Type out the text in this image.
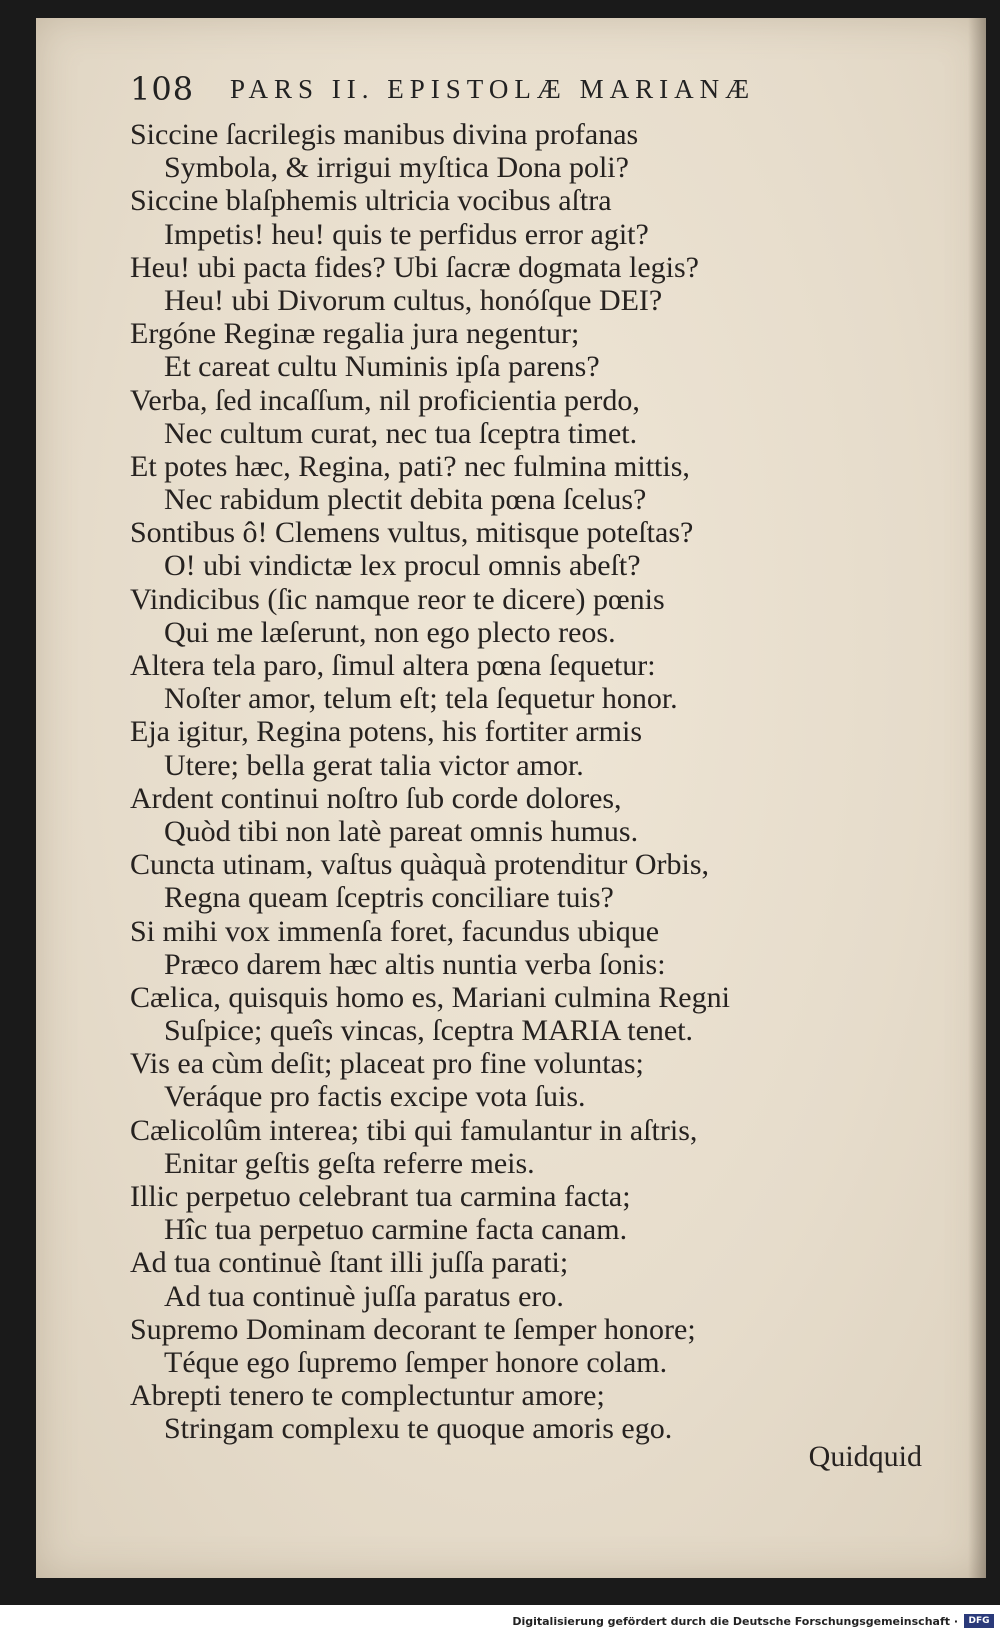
108 PARS II. EPISTOLÆ MARIANÆ
Siccine ſacrilegis manibus divina profanas
Symbola, & irrigui myſtica Dona poli?
Siccine blaſphemis ultricia vocibus aſtra
Impetis! heu! quis te perfidus error agit?
Heu! ubi pacta fides? Ubi ſacræ dogmata legis?
Heu! ubi Divorum cultus, honóſque DEI?
Ergóne Reginæ regalia jura negentur;
Et careat cultu Numinis ipſa parens?
Verba, ſed incaſſum, nil proficientia perdo,
Nec cultum curat, nec tua ſceptra timet.
Et potes hæc, Regina, pati? nec fulmina mittis,
Nec rabidum plectit debita pœna ſcelus?
Sontibus ô! Clemens vultus, mitisque poteſtas?
O! ubi vindictæ lex procul omnis abeſt?
Vindicibus (ſic namque reor te dicere) pœnis
Qui me læſerunt, non ego plecto reos.
Altera tela paro, ſimul altera pœna ſequetur:
Noſter amor, telum eſt; tela ſequetur honor.
Eja igitur, Regina potens, his fortiter armis
Utere; bella gerat talia victor amor.
Ardent continui noſtro ſub corde dolores,
Quòd tibi non latè pareat omnis humus.
Cuncta utinam, vaſtus quàquà protenditur Orbis,
Regna queam ſceptris conciliare tuis?
Si mihi vox immenſa foret, facundus ubique
Præco darem hæc altis nuntia verba ſonis:
Cælica, quisquis homo es, Mariani culmina Regni
Suſpice; queîs vincas, ſceptra MARIA tenet.
Vis ea cùm deſit; placeat pro fine voluntas;
Veráque pro factis excipe vota ſuis.
Cælicolûm interea; tibi qui famulantur in aſtris,
Enitar geſtis geſta referre meis.
Illic perpetuo celebrant tua carmina facta;
Hîc tua perpetuo carmine facta canam.
Ad tua continuè ſtant illi juſſa parati;
Ad tua continuè juſſa paratus ero.
Supremo Dominam decorant te ſemper honore;
Téque ego ſupremo ſemper honore colam.
Abrepti tenero te complectuntur amore;
Stringam complexu te quoque amoris ego.
Quidquid
Digitalisierung gefördert durch die Deutsche Forschungsgemeinschaft ·	DFG
